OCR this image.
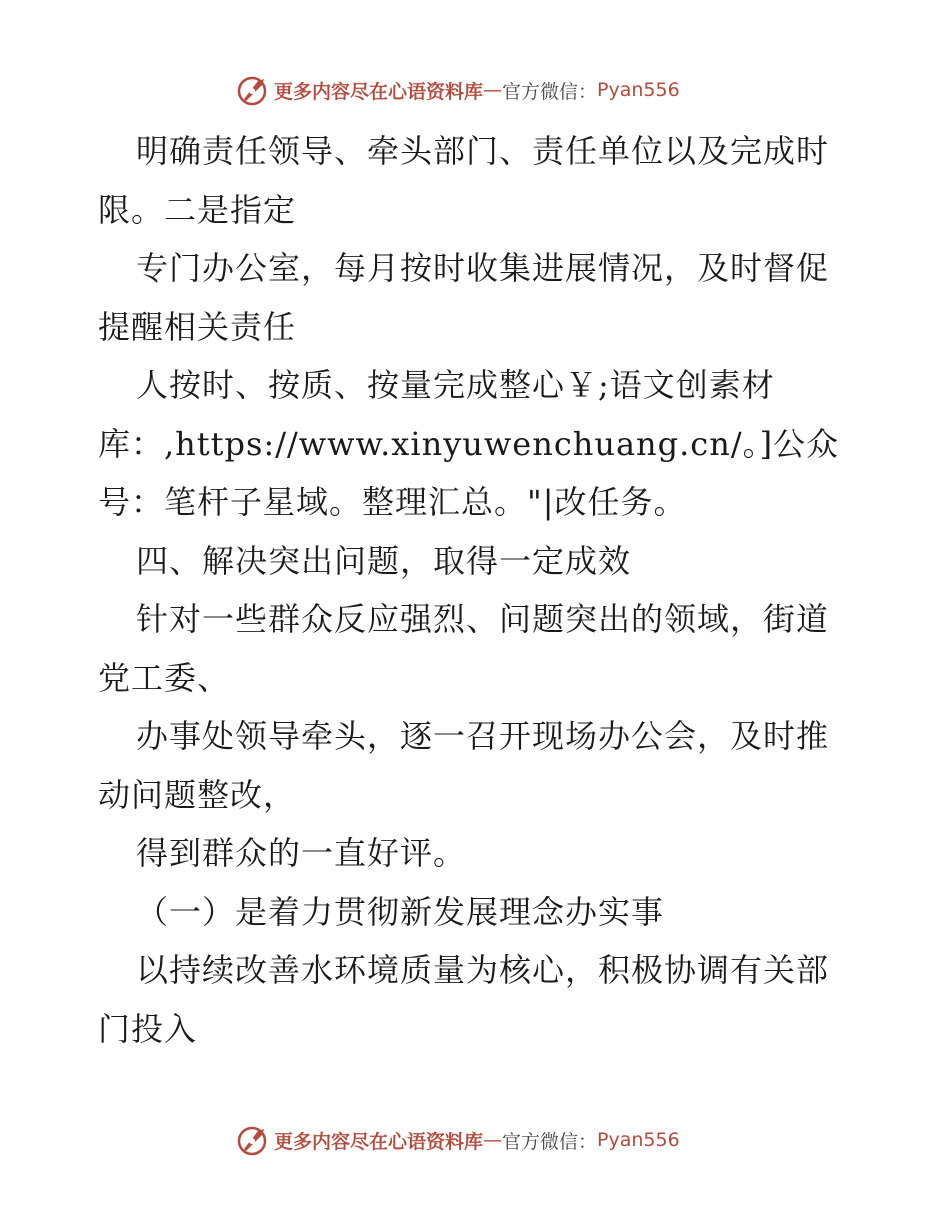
更多内容尽在心语资料库 — 官方微信： Pyan556

明确责任领导、牵头部门、责任单位以及完成时

限。二是指定

专门办公室，每月按时收集进展情况，及时督促

提醒相关责任

人按时、按质、按量完成整心￥;语文创素材

库：,https://www.xinyuwenchuang.cn/。]公众

号：笔杆子星域。整理汇总。"|改任务。

四、解决突出问题，取得一定成效

针对一些群众反应强烈、问题突出的领域，街道

党工委、

办事处领导牵头，逐一召开现场办公会，及时推

动问题整改，

得到群众的一直好评。

（一）是着力贯彻新发展理念办实事

以持续改善水环境质量为核心，积极协调有关部

门投入

更多内容尽在心语资料库 — 官方微信： Pyan556
